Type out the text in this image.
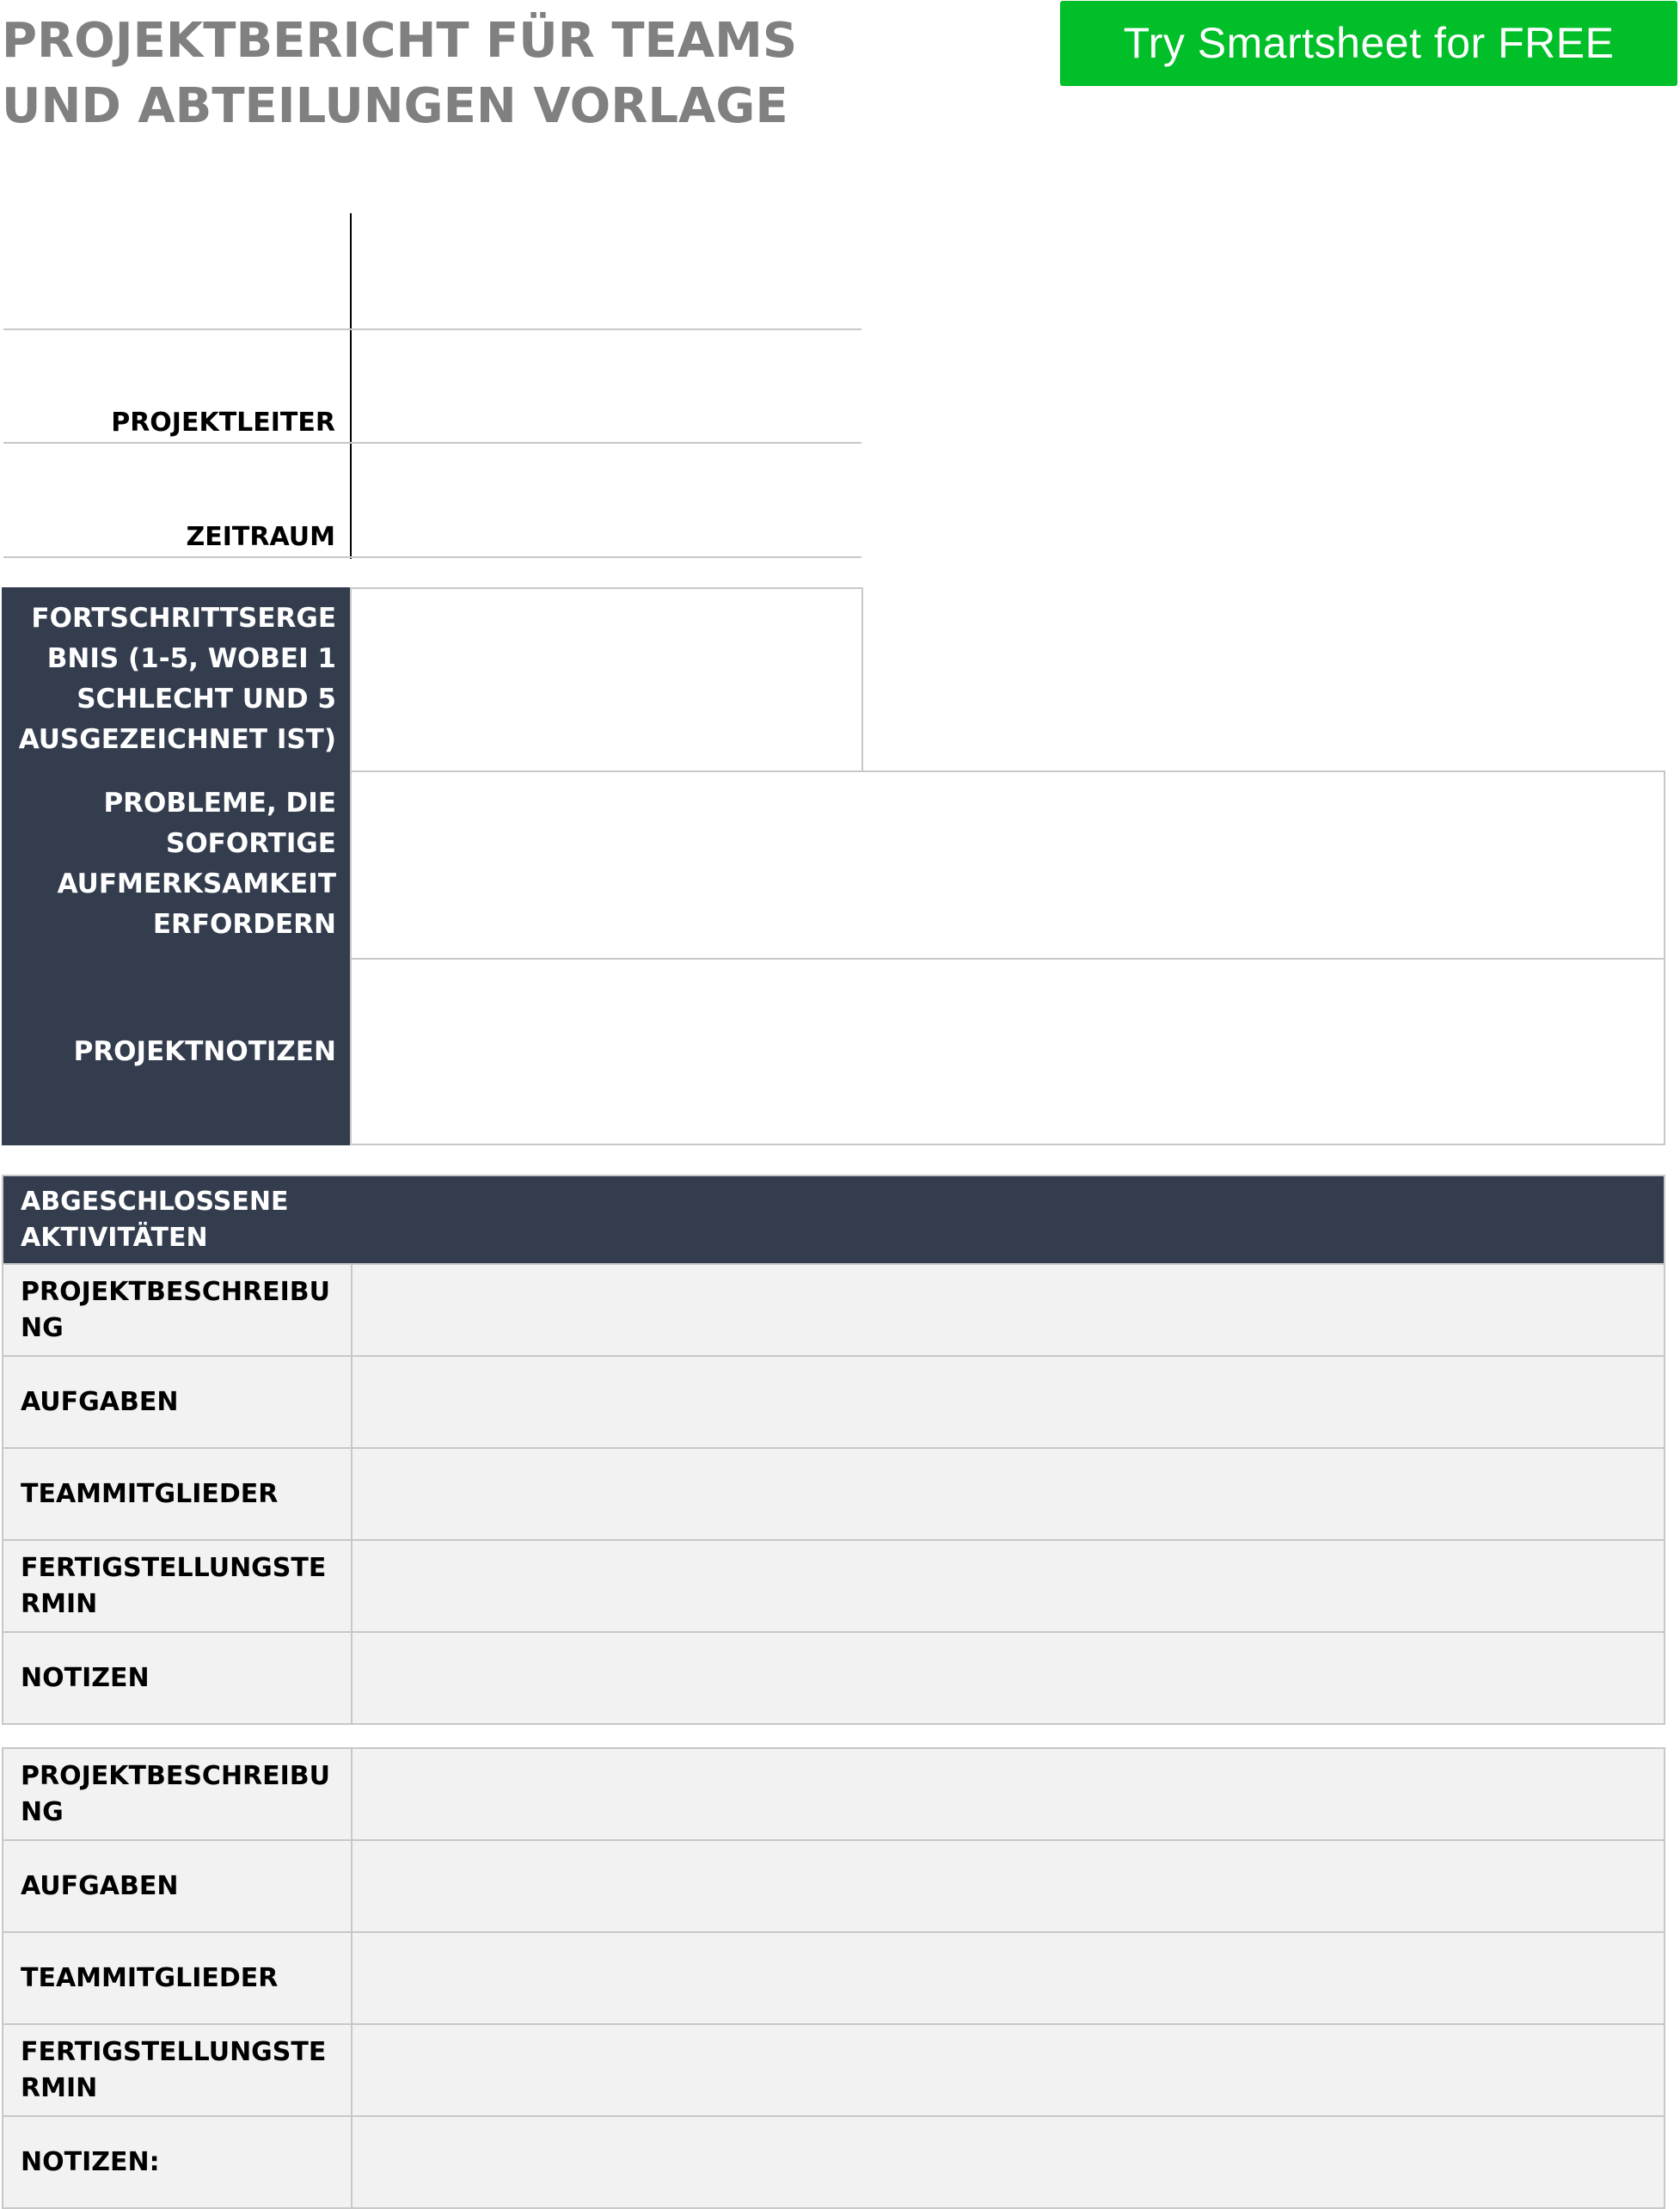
PROJEKTBERICHT FÜR TEAMS UND ABTEILUNGEN VORLAGE
Try Smartsheet for FREE
PROJEKTLEITER
ZEITRAUM
FORTSCHRITTSERGE BNIS (1-5, WOBEI 1 SCHLECHT UND 5 AUSGEZEICHNET IST)
PROBLEME, DIE SOFORTIGE AUFMERKSAMKEIT ERFORDERN
PROJEKTNOTIZEN
ABGESCHLOSSENE AKTIVITÄTEN
PROJEKTBESCHREIBUNG
AUFGABEN
TEAMMITGLIEDER
FERTIGSTELLUNGSTERMIN
NOTIZEN
PROJEKTBESCHREIBUNG
AUFGABEN
TEAMMITGLIEDER
FERTIGSTELLUNGSTERMIN
NOTIZEN:
